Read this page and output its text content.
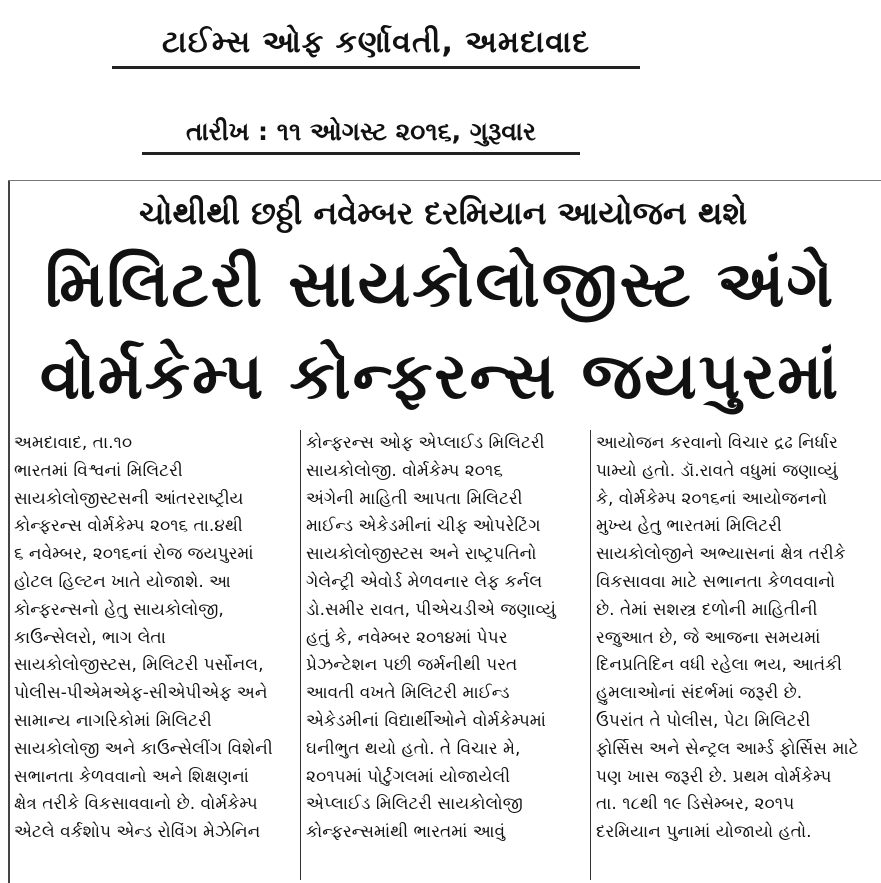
ટાઈમ્સ ઓફ કર્ણાવતી, અમદાવાદ
તારીખ : ૧૧ ઓગસ્ટ ૨૦૧૬, ગુરૂવાર
ચોથીથી છઠ્ઠી નવેમ્બર દરમિયાન આયોજન થશે
મિલિટરી સાયકોલોજીસ્ટ અંગે
વોર્મકેમ્પ કોન્ફરન્સ જયપુરમાં

અમદાવાદ, તા.૧૦

ભારતમાં વિશ્વનાં મિલિટરી

સાયકોલોજીસ્ટસની આંતરરાષ્ટ્રીય

કોન્ફરન્સ વોર્મકેમ્પ ૨૦૧૬ તા.૪થી

૬ નવેમ્બર, ૨૦૧૬નાં રોજ જયપુરમાં

હોટલ હિલ્ટન ખાતે યોજાશે. આ

કોન્ફરન્સનો હેતુ સાયકોલોજી,

કાઉન્સેલરો, ભાગ લેતા

સાયકોલોજીસ્ટસ, મિલિટરી પર્સોનલ,

પોલીસ-પીએમએફ-સીએપીએફ અને

સામાન્ય નાગરિકોમાં મિલિટરી

સાયકોલોજી અને કાઉન્સેલીંગ વિશેની

સભાનતા કેળવવાનો અને શિક્ષણનાં

ક્ષેત્ર તરીકે વિકસાવવાનો છે. વોર્મકેમ્પ

એટલે વર્કશોપ એન્ડ રોવિંગ મેઝેનિન

કોન્ફરન્સ ઓફ એપ્લાઈડ મિલિટરી

સાયકોલોજી. વોર્મકેમ્પ ૨૦૧૬

અંગેની માહિતી આપતા મિલિટરી

માઈન્ડ એકેડમીનાં ચીફ ઓપરેટિંગ

સાયકોલોજીસ્ટસ અને રાષ્ટ્રપતિનો

ગેલેન્ટ્રી એવોર્ડ મેળવનાર લેફ કર્નલ

ડો.સમીર રાવત, પીએચડીએ જણાવ્યું

હતું કે, નવેમ્બર ૨૦૧૪માં પેપર

પ્રેઝન્ટેશન પછી જર્મનીથી પરત

આવતી વખતે મિલિટરી માઈન્ડ

એકેડમીનાં વિદ્યાર્થીઓને વોર્મકેમ્પમાં

ઘનીભુત થયો હતો. તે વિચાર મે,

૨૦૧૫માં પોર્ટુગલમાં યોજાયેલી

એપ્લાઈડ મિલિટરી સાયકોલોજી

કોન્ફરન્સમાંથી ભારતમાં આવું

આયોજન કરવાનો વિચાર દ્રઢ નિર્ધાર

પામ્યો હતો. ડૉ.રાવતે વધુમાં જણાવ્યું

કે, વોર્મકેમ્પ ૨૦૧૬નાં આયોજનનો

મુખ્ય હેતુ ભારતમાં મિલિટરી

સાયકોલોજીને અભ્યાસનાં ક્ષેત્ર તરીકે

વિકસાવવા માટે સભાનતા કેળવવાનો

છે. તેમાં સશસ્ત્ર દળોની માહિતીની

રજુઆત છે, જે આજના સમયમાં

દિનપ્રતિદિન વધી રહેલા ભય, આતંકી

હુમલાઓનાં સંદર્ભમાં જરૂરી છે.

ઉપરાંત તે પોલીસ, પેટા મિલિટરી

ફોર્સિસ અને સેન્ટ્રલ આર્મ્ડ ફોર્સિસ માટે

પણ ખાસ જરૂરી છે. પ્રથમ વોર્મકેમ્પ

તા. ૧૮થી ૧૯ ડિસેમ્બર, ૨૦૧૫

દરમિયાન પુનામાં યોજાયો હતો.
